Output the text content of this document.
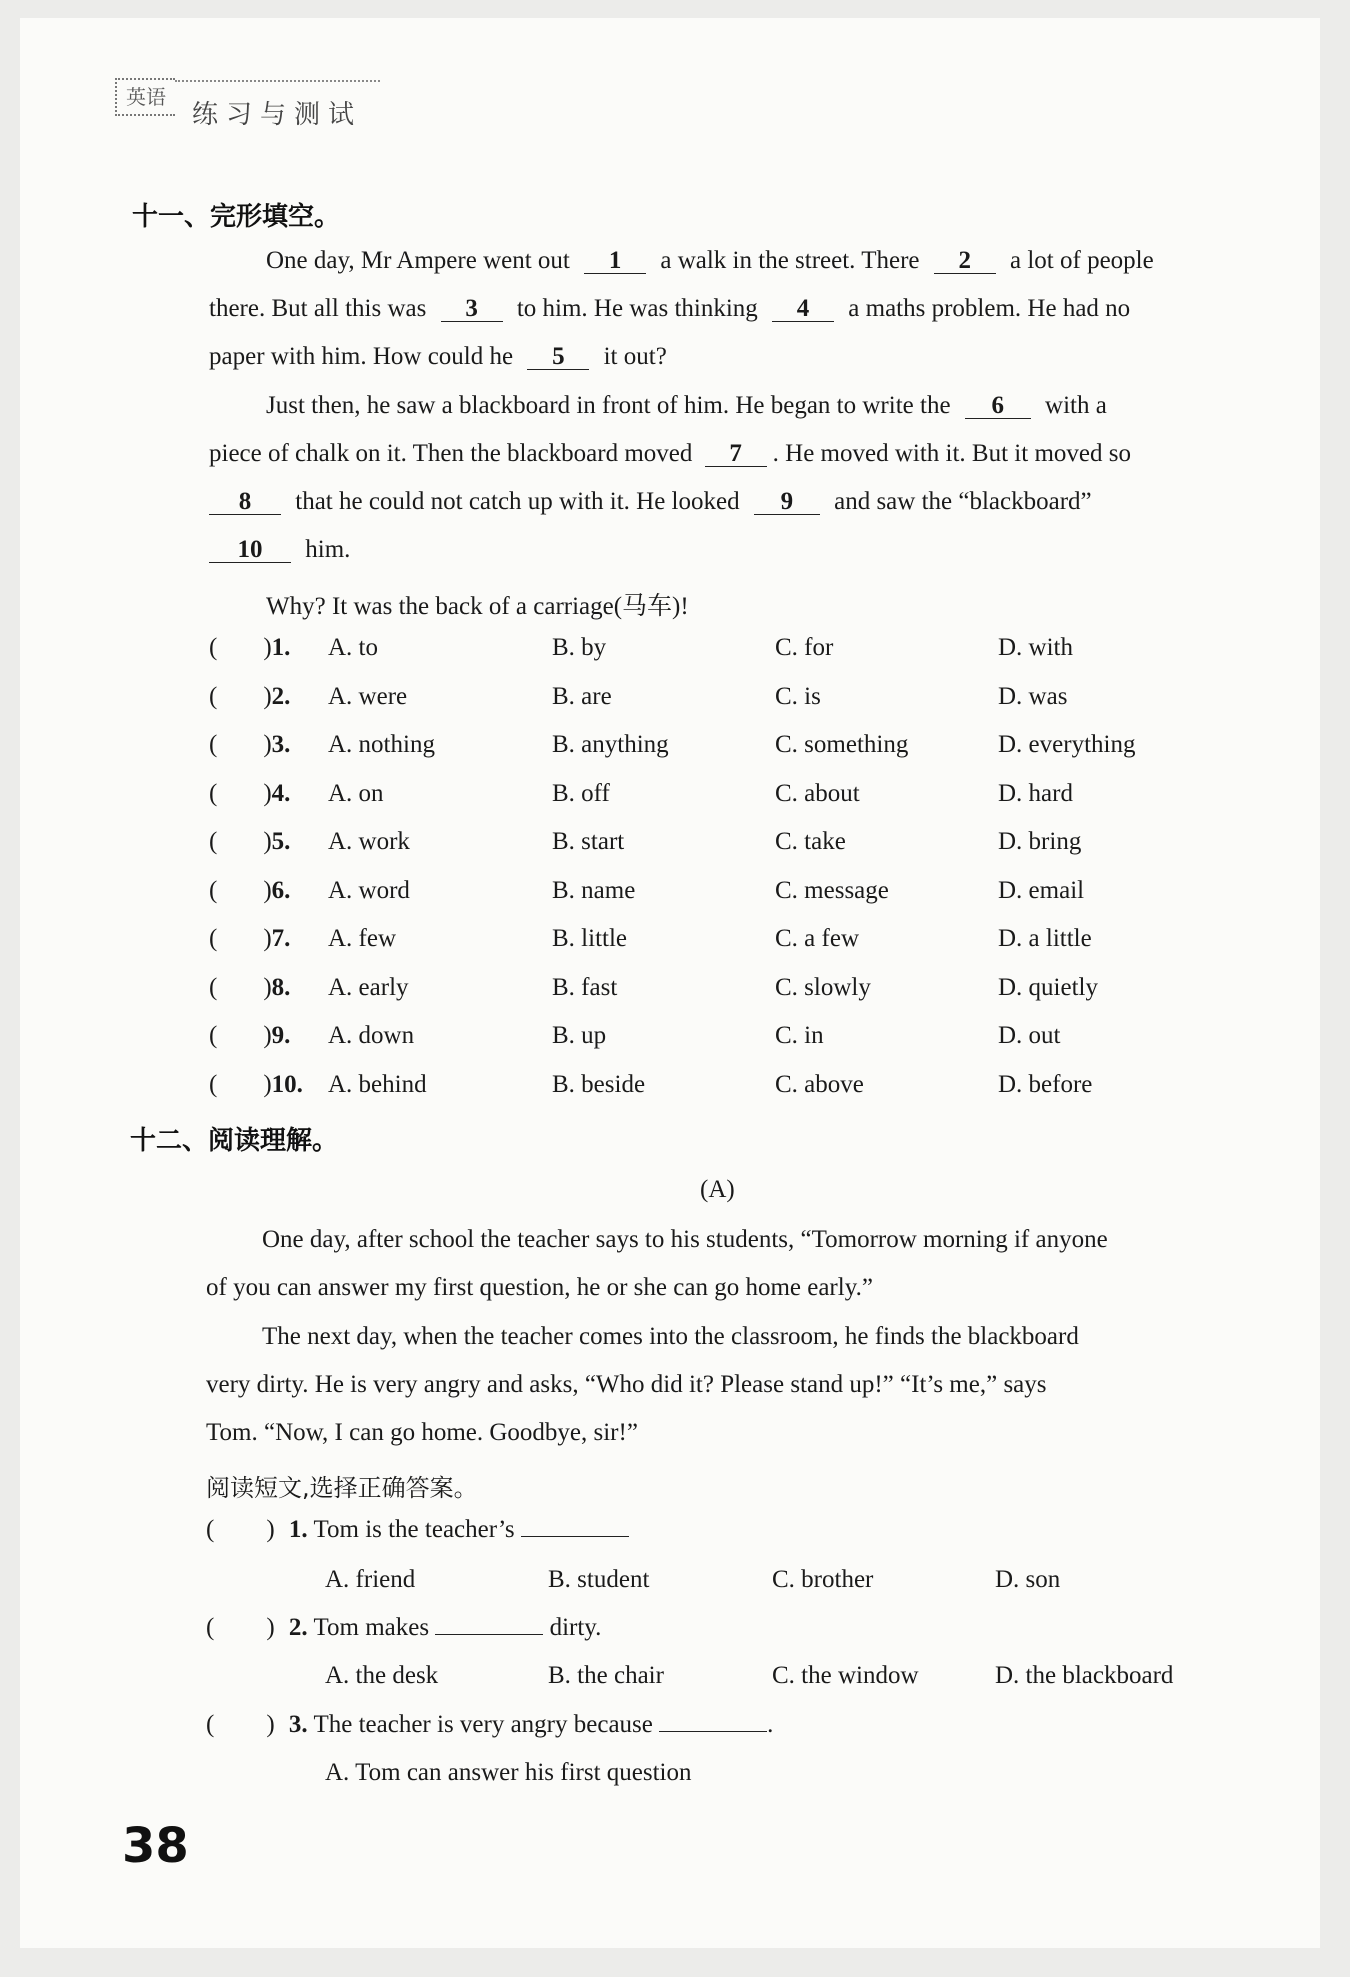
英语
练习与测试
十一、完形填空。
One day, Mr Ampere went out 1 a walk in the street. There 2 a lot of people
there. But all this was 3 to him. He was thinking 4 a maths problem. He had no
paper with him. How could he 5 it out?
Just then, he saw a blackboard in front of him. He began to write the 6 with a
piece of chalk on it. Then the blackboard moved 7 . He moved with it. But it moved so
8 that he could not catch up with it. He looked 9 and saw the “blackboard”
10 him.
Why? It was the back of a carriage(马车)!
( )1.	A. to	B. by	C. for	D. with
( )2.	A. were	B. are	C. is	D. was
( )3.	A. nothing	B. anything	C. something	D. everything
( )4.	A. on	B. off	C. about	D. hard
( )5.	A. work	B. start	C. take	D. bring
( )6.	A. word	B. name	C. message	D. email
( )7.	A. few	B. little	C. a few	D. a little
( )8.	A. early	B. fast	C. slowly	D. quietly
( )9.	A. down	B. up	C. in	D. out
( )10. A. behind	B. beside	C. above	D. before
十二、阅读理解。
(A)
One day, after school the teacher says to his students, “Tomorrow morning if anyone
of you can answer my first question, he or she can go home early.”
The next day, when the teacher comes into the classroom, he finds the blackboard
very dirty. He is very angry and asks, “Who did it? Please stand up!” “It’s me,” says
Tom. “Now, I can go home. Goodbye, sir!”
阅读短文,选择正确答案。
( ) 1. Tom is the teacher’s
A. friend	B. student	C. brother	D. son
( ) 2. Tom makes	dirty.
A. the desk	B. the chair	C. the window	D. the blackboard
( ) 3. The teacher is very angry because	.
A. Tom can answer his first question
38
